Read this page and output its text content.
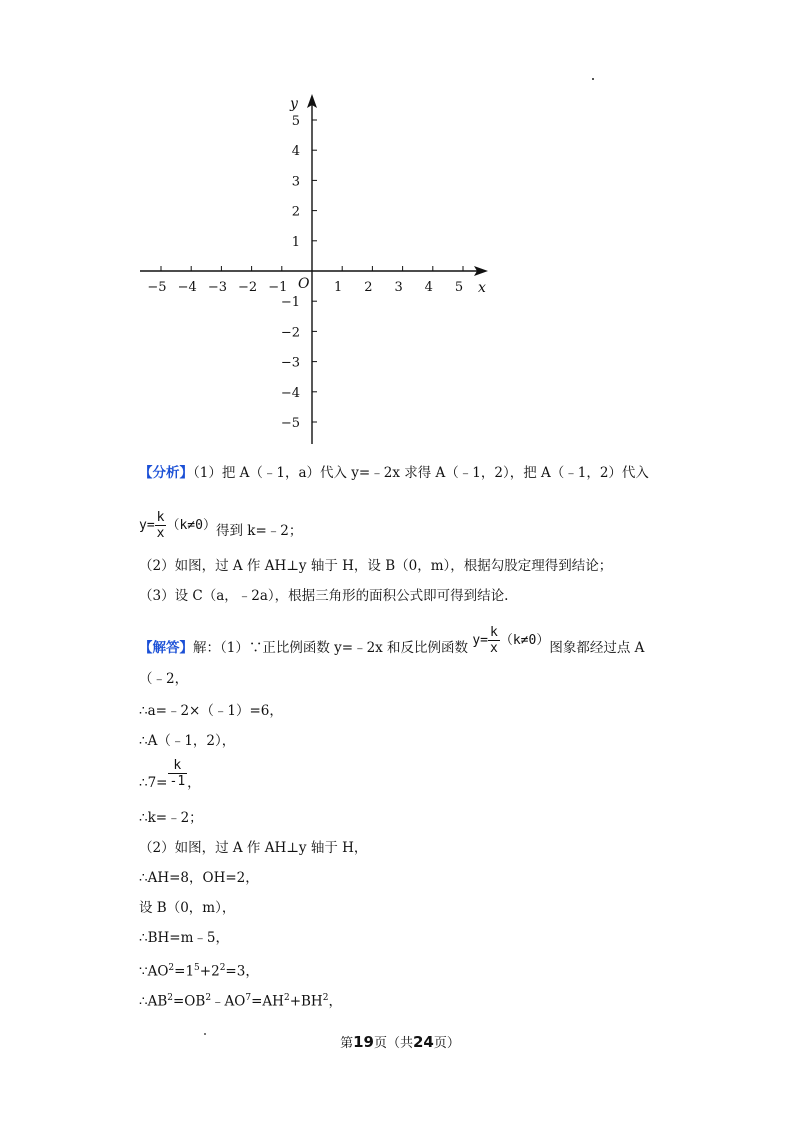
−5 −4 −3 −2 −1	1 2 3 4 5
5
4
3
2
1
−1
−2
−3
−4
−5
x
y
O
【分析】（1）把 A（﹣1，a）代入 y=﹣2x 求得 A（﹣1，2），把 A（﹣1，2）代入
$y= \frac{k}{x} (k\ne 0)$得到 k=﹣2；
（2）如图，过 A 作 AH⊥y 轴于 H，设 B（0，m），根据勾股定理得到结论；
（3）设 C（a，﹣2a），根据三角形的面积公式即可得到结论.
【解答】解：（1）∵正比例函数 y=﹣2x 和反比例函数 $y= \frac{k}{x} (k\ne 0)$图象都经过点 A
（﹣2，
∴a=﹣2×（﹣1）=6，
∴A（﹣1，2），
∴7= $\frac{k}{-1}$ ，
∴k=﹣2；
（2）如图，过 A 作 AH⊥y 轴于 H，
∴AH=8，OH=2，
设 B（0，m），
∴BH=m﹣5，
$\because AO^2=1^5+2^2=3$，
$\therefore AB^2=OB^2﹣AO^7=AH^2+BH^2$，
第19页（共24页）
